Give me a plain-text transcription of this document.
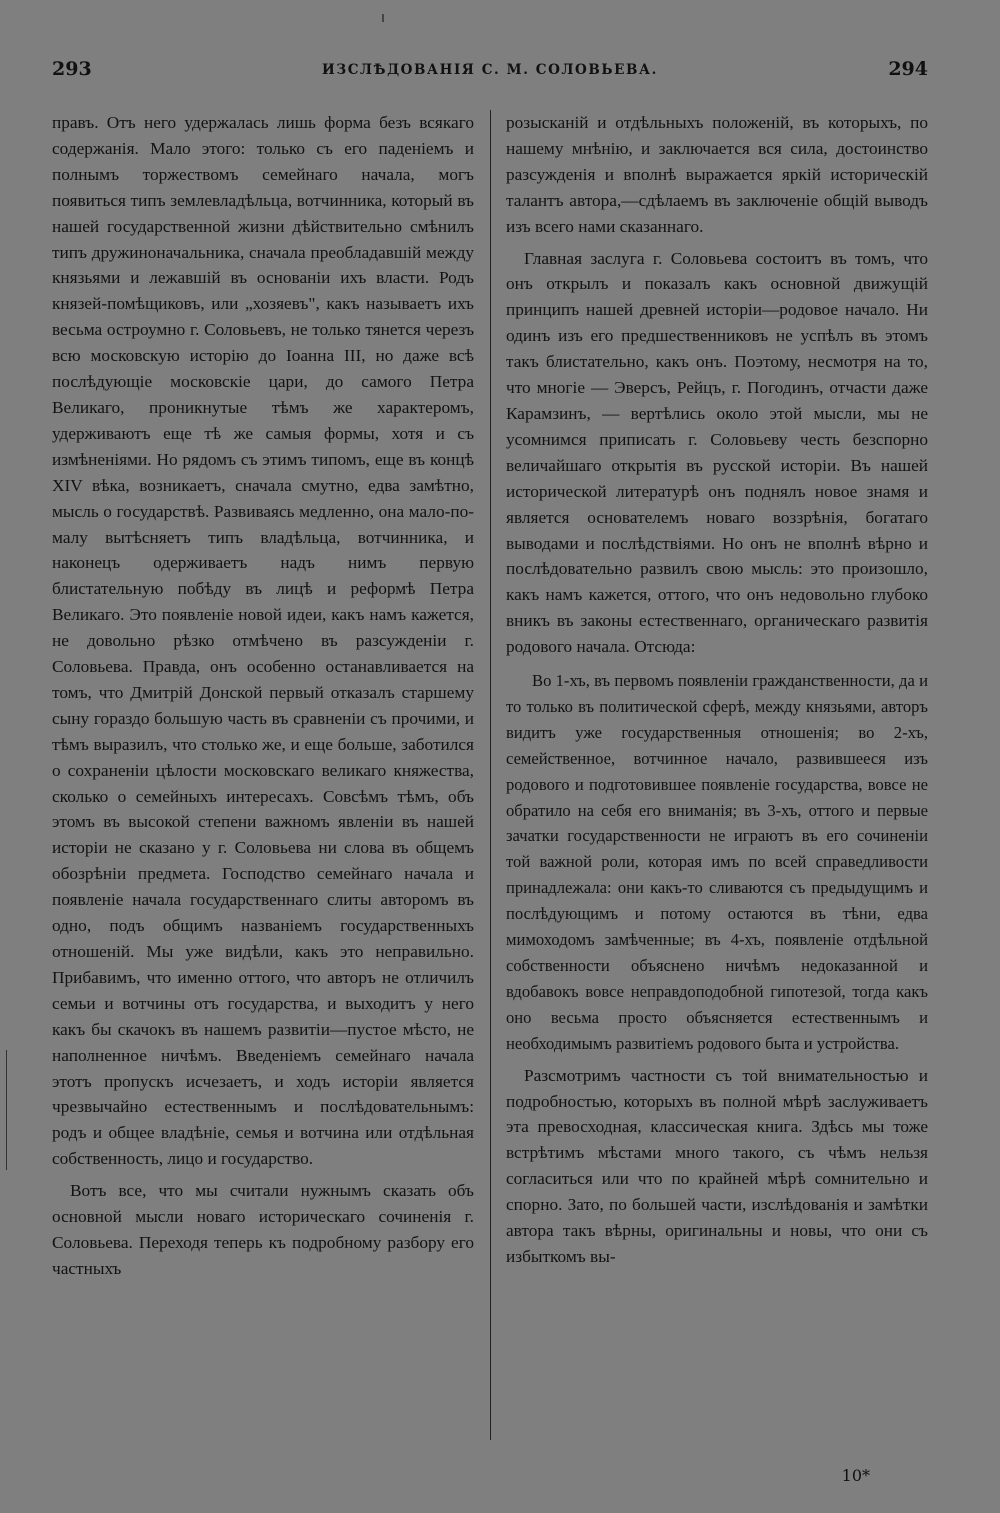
293	ИЗСЛѢДОВАНІЯ С. М. СОЛОВЬЕВА.	294

правъ. Отъ него удержалась лишь форма безъ всякаго содержанія. Мало этого: только съ его паденіемъ и полнымъ торжествомъ семейнаго начала, могъ появиться типъ землевладѣльца, вотчинника, который въ нашей государственной жизни дѣйствительно смѣнилъ типъ дружиноначальника, сначала преобладавшій между князьями и лежавшій въ основаніи ихъ власти. Родъ князей-помѣщиковъ, или „хозяевъ", какъ называетъ ихъ весьма остроумно г. Соловьевъ, не только тянется черезъ всю московскую исторію до Іоанна III, но даже всѣ послѣдующіе московскіе цари, до самого Петра Великаго, проникнутые тѣмъ же характеромъ, удерживаютъ еще тѣ же самыя формы, хотя и съ измѣненіями. Но рядомъ съ этимъ типомъ, еще въ концѣ XIV вѣка, возникаетъ, сначала смутно, едва замѣтно, мысль о государствѣ. Развиваясь медленно, она мало-по-малу вытѣсняетъ типъ владѣльца, вотчинника, и наконецъ одерживаетъ надъ нимъ первую блистательную побѣду въ лицѣ и реформѣ Петра Великаго. Это появленіе новой идеи, какъ намъ кажется, не довольно рѣзко отмѣчено въ разсужденіи г. Соловьева. Правда, онъ особенно останавливается на томъ, что Дмитрій Донской первый отказалъ старшему сыну гораздо большую часть въ сравненіи съ прочими, и тѣмъ выразилъ, что столько же, и еще больше, заботился о сохраненіи цѣлости московскаго великаго княжества, сколько о семейныхъ интересахъ. Совсѣмъ тѣмъ, объ этомъ въ высокой степени важномъ явленіи въ нашей исторіи не сказано у г. Соловьева ни слова въ общемъ обозрѣніи предмета. Господство семейнаго начала и появленіе начала государственнаго слиты авторомъ въ одно, подъ общимъ названіемъ государственныхъ отношеній. Мы уже видѣли, какъ это неправильно. Прибавимъ, что именно оттого, что авторъ не отличилъ семьи и вотчины отъ государства, и выходитъ у него какъ бы скачокъ въ нашемъ развитіи—пустое мѣсто, не наполненное ничѣмъ. Введеніемъ семейнаго начала этотъ пропускъ исчезаетъ, и ходъ исторіи является чрезвычайно естественнымъ и послѣдовательнымъ: родъ и общее владѣніе, семья и вотчина или отдѣльная собственность, лицо и государство.

Вотъ все, что мы считали нужнымъ сказать объ основной мысли новаго историческаго сочиненія г. Соловьева. Переходя теперь къ подробному разбору его частныхъ

розысканій и отдѣльныхъ положеній, въ которыхъ, по нашему мнѣнію, и заключается вся сила, достоинство разсужденія и вполнѣ выражается яркій историческій талантъ автора,—сдѣлаемъ въ заключеніе общій выводъ изъ всего нами сказаннаго.

Главная заслуга г. Соловьева состоитъ въ томъ, что онъ открылъ и показалъ какъ основной движущій принципъ нашей древней исторіи—родовое начало. Ни одинъ изъ его предшественниковъ не успѣлъ въ этомъ такъ блистательно, какъ онъ. Поэтому, несмотря на то, что многіе — Эверсъ, Рейцъ, г. Погодинъ, отчасти даже Карамзинъ, — вертѣлись около этой мысли, мы не усомнимся приписать г. Соловьеву честь безспорно величайшаго открытія въ русской исторіи. Въ нашей исторической литературѣ онъ поднялъ новое знамя и является основателемъ новаго воззрѣнія, богатаго выводами и послѣдствіями. Но онъ не вполнѣ вѣрно и послѣдовательно развилъ свою мысль: это произошло, какъ намъ кажется, оттого, что онъ недовольно глубоко вникъ въ законы естественнаго, органическаго развитія родового начала. Отсюда:

Во 1-хъ, въ первомъ появленіи гражданственности, да и то только въ политической сферѣ, между князьями, авторъ видитъ уже государственныя отношенія; во 2-хъ, семейственное, вотчинное начало, развившееся изъ родового и подготовившее появленіе государства, вовсе не обратило на себя его вниманія; въ 3-хъ, оттого и первые зачатки государственности не играютъ въ его сочиненіи той важной роли, которая имъ по всей справедливости принадлежала: они какъ-то сливаются съ предыдущимъ и послѣдующимъ и потому остаются въ тѣни, едва мимоходомъ замѣченные; въ 4-хъ, появленіе отдѣльной собственности объяснено ничѣмъ недоказанной и вдобавокъ вовсе неправдоподобной гипотезой, тогда какъ оно весьма просто объясняется естественнымъ и необходимымъ развитіемъ родового быта и устройства.

Разсмотримъ частности съ той внимательностью и подробностью, которыхъ въ полной мѣрѣ заслуживаетъ эта превосходная, классическая книга. Здѣсь мы тоже встрѣтимъ мѣстами много такого, съ чѣмъ нельзя согласиться или что по крайней мѣрѣ сомнительно и спорно. Зато, по большей части, изслѣдованія и замѣтки автора такъ вѣрны, оригинальны и новы, что они съ избыткомъ вы-

10*
